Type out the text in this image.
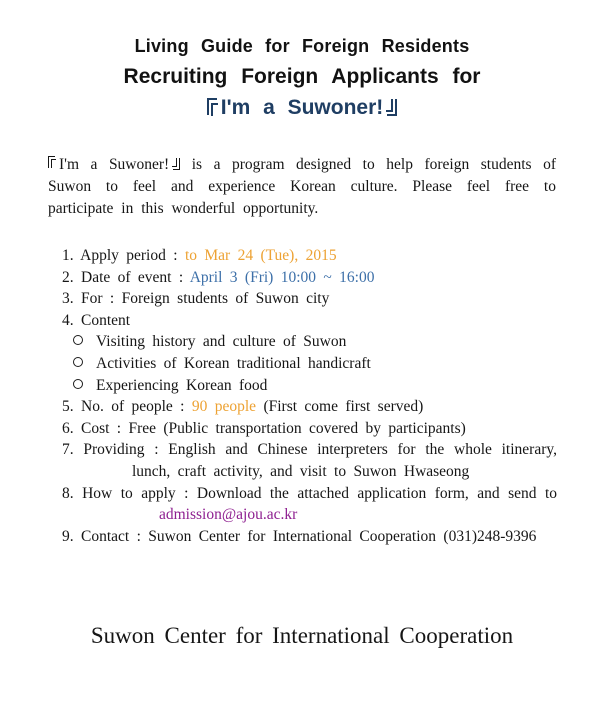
Living Guide for Foreign Residents
Recruiting Foreign Applicants for
I'm a Suwoner!

I'm a Suwoner! is a program designed to help foreign students of Suwon to feel and experience Korean culture. Please feel free to participate in this wonderful opportunity.

1. Apply period : to Mar 24 (Tue), 2015
2. Date of event : April 3 (Fri) 10:00 ~ 16:00
3. For : Foreign students of Suwon city
4. Content
Visiting history and culture of Suwon
Activities of Korean traditional handicraft
Experiencing Korean food
5. No. of people : 90 people (First come first served)
6. Cost : Free (Public transportation covered by participants)
7. Providing : English and Chinese interpreters for the whole itinerary,
lunch, craft activity, and visit to Suwon Hwaseong
8. How to apply : Download the attached application form, and send to
admission@ajou.ac.kr
9. Contact : Suwon Center for International Cooperation (031)248-9396
Suwon Center for International Cooperation
